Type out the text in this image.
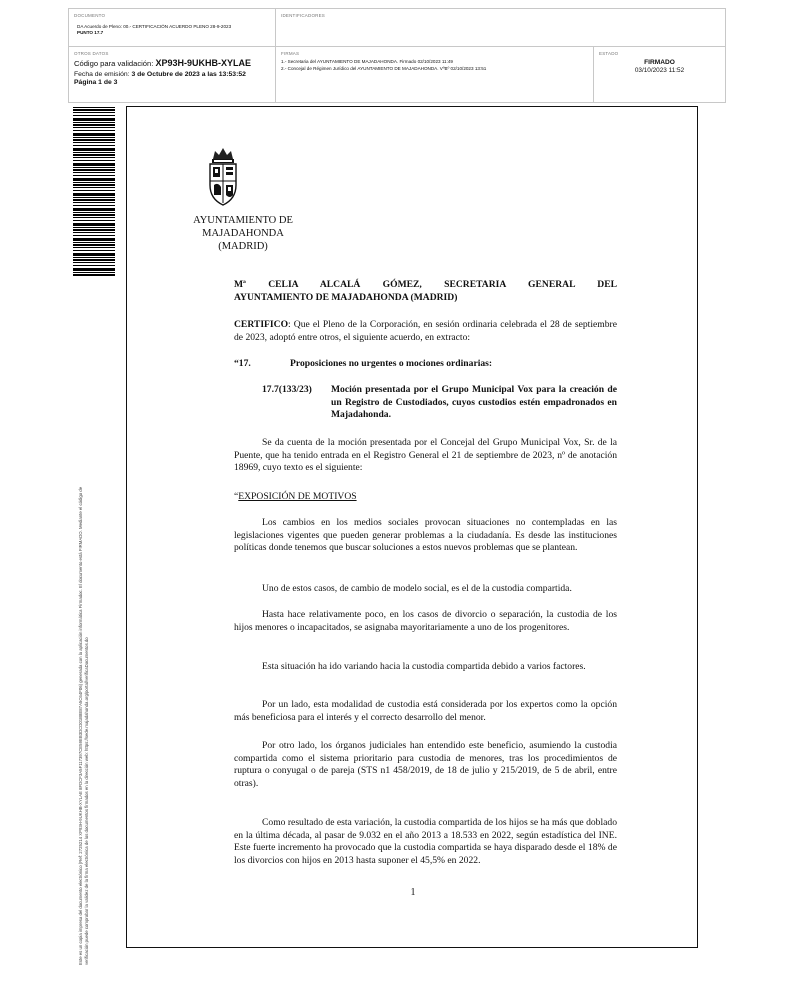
DOCUMENTO
DA Acuerdo de Pleno: 00.- CERTIFICACIÓN ACUERDO PLENO 28-9-2023
PUNTO 17.7
IDENTIFICADORES
OTROS DATOS
Código para validación: XP93H-9UKHB-XYLAE
Fecha de emisión: 3 de Octubre de 2023 a las 13:53:52
Página 1 de 3
FIRMAS
1.- Secretaria del AYUNTAMIENTO DE MAJADAHONDA. Firmado 02/10/2023 11:49
2.- Concejal de Régimen Jurídico del AYUNTAMIENTO DE MAJADAHONDA. VºBº 02/10/2023 13:51
ESTADO
FIRMADO
03/10/2023 11:52
Este es un copia impresa del documento electrónico (Ref: 2725214 XP93H-9UKHB-XYLAE 8FDCF3A5F117397CE59EB3DCD01B8E87A5C64F06) generada con la aplicación informática Firmadoc. El documento está FIRMADO. Mediante el código de verificación puede comprobar la validez de la firma electrónica de los documentos firmados en la dirección web: https://sede.majadahonda.org/portal/verificaDocumentos.do
AYUNTAMIENTO DE
MAJADAHONDA
(MADRID)
Mª CELIA ALCALÁ GÓMEZ, SECRETARIA GENERAL DEL
AYUNTAMIENTO DE MAJADAHONDA (MADRID)
CERTIFICO: Que el Pleno de la Corporación, en sesión ordinaria celebrada el 28 de septiembre de 2023, adoptó entre otros, el siguiente acuerdo, en extracto:
“17.	Proposiciones no urgentes o mociones ordinarias:
17.7(133/23)	Moción presentada por el Grupo Municipal Vox para la creación de un Registro de Custodiados, cuyos custodios estén empadronados en Majadahonda.
Se da cuenta de la moción presentada por el Concejal del Grupo Municipal Vox, Sr. de la Puente, que ha tenido entrada en el Registro General el 21 de septiembre de 2023, nº de anotación 18969, cuyo texto es el siguiente:
“EXPOSICIÓN DE MOTIVOS
Los cambios en los medios sociales provocan situaciones no contempladas en las legislaciones vigentes que pueden generar problemas a la ciudadanía. Es desde las instituciones políticas donde tenemos que buscar soluciones a estos nuevos problemas que se plantean.
Uno de estos casos, de cambio de modelo social, es el de la custodia compartida.
Hasta hace relativamente poco, en los casos de divorcio o separación, la custodia de los hijos menores o incapacitados, se asignaba mayoritariamente a uno de los progenitores.
Esta situación ha ido variando hacia la custodia compartida debido a varios factores.
Por un lado, esta modalidad de custodia está considerada por los expertos como la opción más beneficiosa para el interés y el correcto desarrollo del menor.
Por otro lado, los órganos judiciales han entendido este beneficio, asumiendo la custodia compartida como el sistema prioritario para custodia de menores, tras los procedimientos de ruptura o conyugal o de pareja (STS n1 458/2019, de 18 de julio y 215/2019, de 5 de abril, entre otras).
Como resultado de esta variación, la custodia compartida de los hijos se ha más que doblado en la última década, al pasar de 9.032 en el año 2013 a 18.533 en 2022, según estadística del INE. Este fuerte incremento ha provocado que la custodia compartida se haya disparado desde el 18% de los divorcios con hijos en 2013 hasta suponer el 45,5% en 2022.
1
